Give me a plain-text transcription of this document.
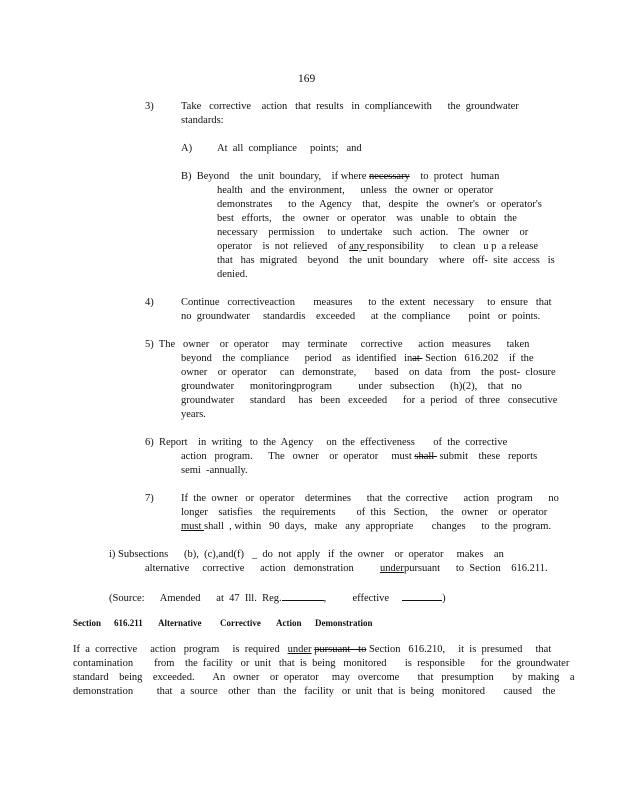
169
3)	Take   corrective    action   that  results   in  compliancewith      the  groundwater
standards:
A) At  all  compliance     points;   and
B)  Beyond    the  unit  boundary,    if where necessary    to  protect   human
health   and  the  environment,      unless   the  owner  or  operator
demonstrates      to  the  Agency    that,   despite   the   owner's   or  operator's
best   efforts,    the   owner   or  operator    was   unable   to  obtain   the
necessary    permission     to  undertake    such   action.    The   owner    or
operator    is  not  relieved    of any responsibility      to  clean   u p  a release
that   has  migrated    beyond    the  unit  boundary    where   off-  site  access   is
denied.
4)	Continue   correctiveaction       measures      to  the  extent   necessary     to  ensure   that
no  groundwater     standardis    exceeded      at  the  compliance       point   or  points.
5)  The   owner    or  operator     may   terminate     corrective      action   measures      taken
beyond    the  compliance      period    as  identified   inat  Section   616.202    if  the
owner    or  operator     can   demonstrate,       based    on  data   from    the  post-  closure
groundwater      monitoringprogram          under   subsection      (h)(2),    that   no
groundwater      standard     has   been   exceeded      for  a  period   of  three   consecutive
years.
6)  Report    in  writing   to  the  Agency     on  the  effectiveness       of  the  corrective
action   program.      The   owner    or  operator     must shall  submit    these   reports
semi  -annually.
7)	If  the  owner   or  operator    determines      that  the  corrective      action   program      no
longer    satisfies    the  requirements        of  this   Section,     the   owner    or  operator
must shall  , within   90  days,   make   any  appropriate       changes      to  the  program.
i) Subsections      (b),  (c),and(f)   _  do  not  apply   if  the  owner    or  operator     makes    an
alternative     corrective      action   demonstration          underpursuant      to  Section    616.211.
(Source:      Amended      at  47  Ill.  Reg.	,          effective	)
Section 616.211 Alternative Corrective Action Demonstration
If  a  corrective     action   program     is  required   under pursuant   to Section   616.210,     it  is  presumed     that
contamination        from    the  facility   or  unit   that  is  being   monitored       is  responsible      for  the  groundwater
standard    being    exceeded.       An   owner    or  operator     may   overcome       that   presumption       by  making    a
demonstration         that   a  source    other   than   the   facility   or  unit  that  is  being   monitored       caused    the
